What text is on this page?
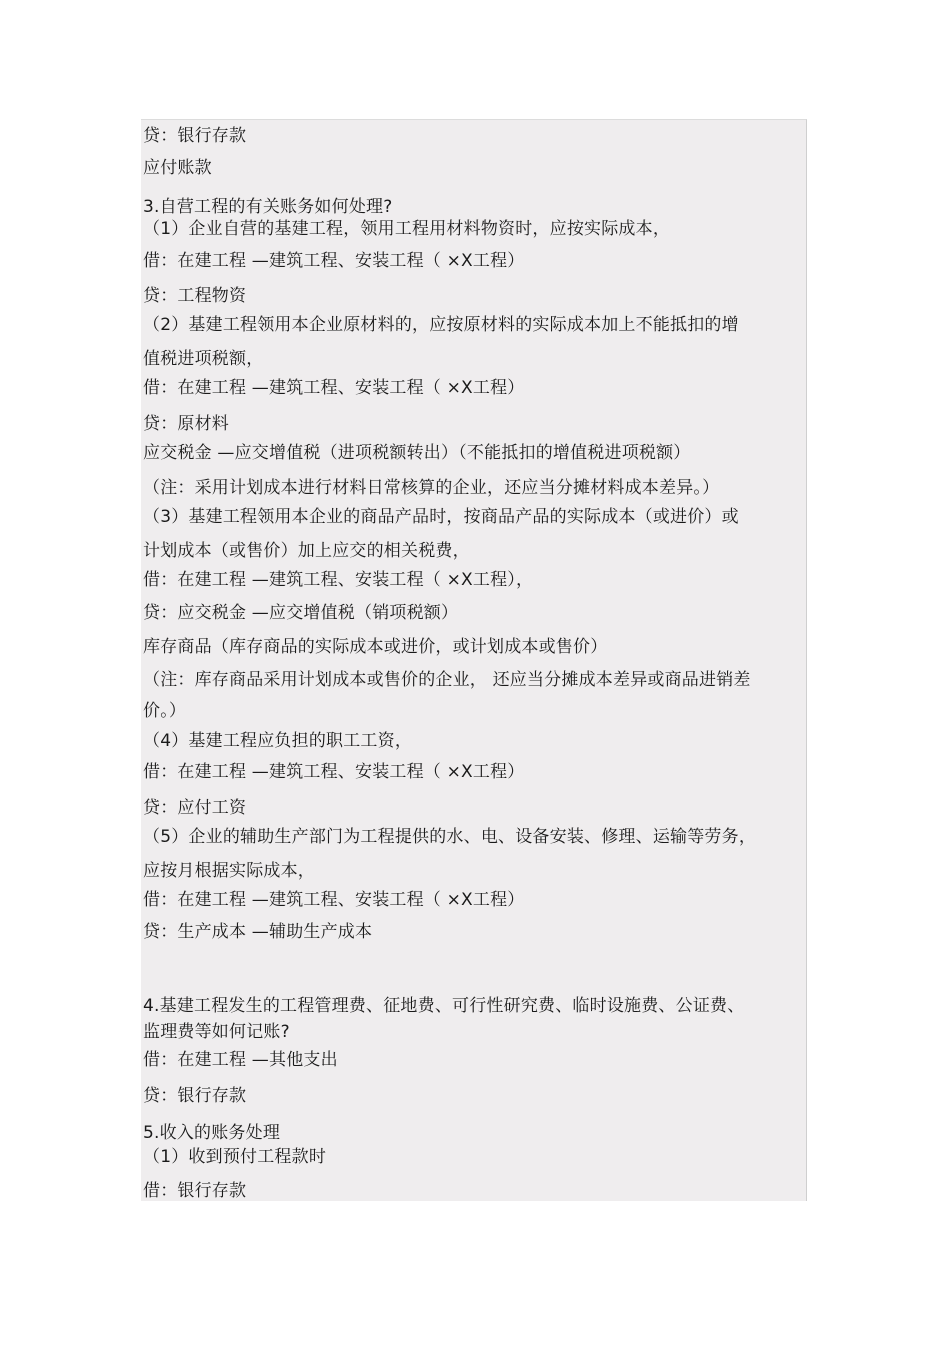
贷：银行存款
应付账款
3.自营工程的有关账务如何处理?
（1）企业自营的基建工程，领用工程用材料物资时，应按实际成本，
借：在建工程 —建筑工程、安装工程（ ×X工程）
贷：工程物资
（2）基建工程领用本企业原材料的，应按原材料的实际成本加上不能抵扣的增
值税进项税额，
借：在建工程 —建筑工程、安装工程（ ×X工程）
贷：原材料
应交税金 —应交增值税（进项税额转出）（不能抵扣的增值税进项税额）
（注：采用计划成本进行材料日常核算的企业，还应当分摊材料成本差异。）
（3）基建工程领用本企业的商品产品时，按商品产品的实际成本（或进价）或
计划成本（或售价）加上应交的相关税费，
借：在建工程 —建筑工程、安装工程（ ×X工程），
贷：应交税金 —应交增值税（销项税额）
库存商品（库存商品的实际成本或进价，或计划成本或售价）
（注：库存商品采用计划成本或售价的企业， 还应当分摊成本差异或商品进销差
价。）
（4）基建工程应负担的职工工资，
借：在建工程 —建筑工程、安装工程（ ×X工程）
贷：应付工资
（5）企业的辅助生产部门为工程提供的水、电、设备安装、修理、运输等劳务，
应按月根据实际成本，
借：在建工程 —建筑工程、安装工程（ ×X工程）
贷：生产成本 —辅助生产成本
4.基建工程发生的工程管理费、征地费、可行性研究费、临时设施费、公证费、
监理费等如何记账?
借：在建工程 —其他支出
贷：银行存款
5.收入的账务处理
（1）收到预付工程款时
借：银行存款
